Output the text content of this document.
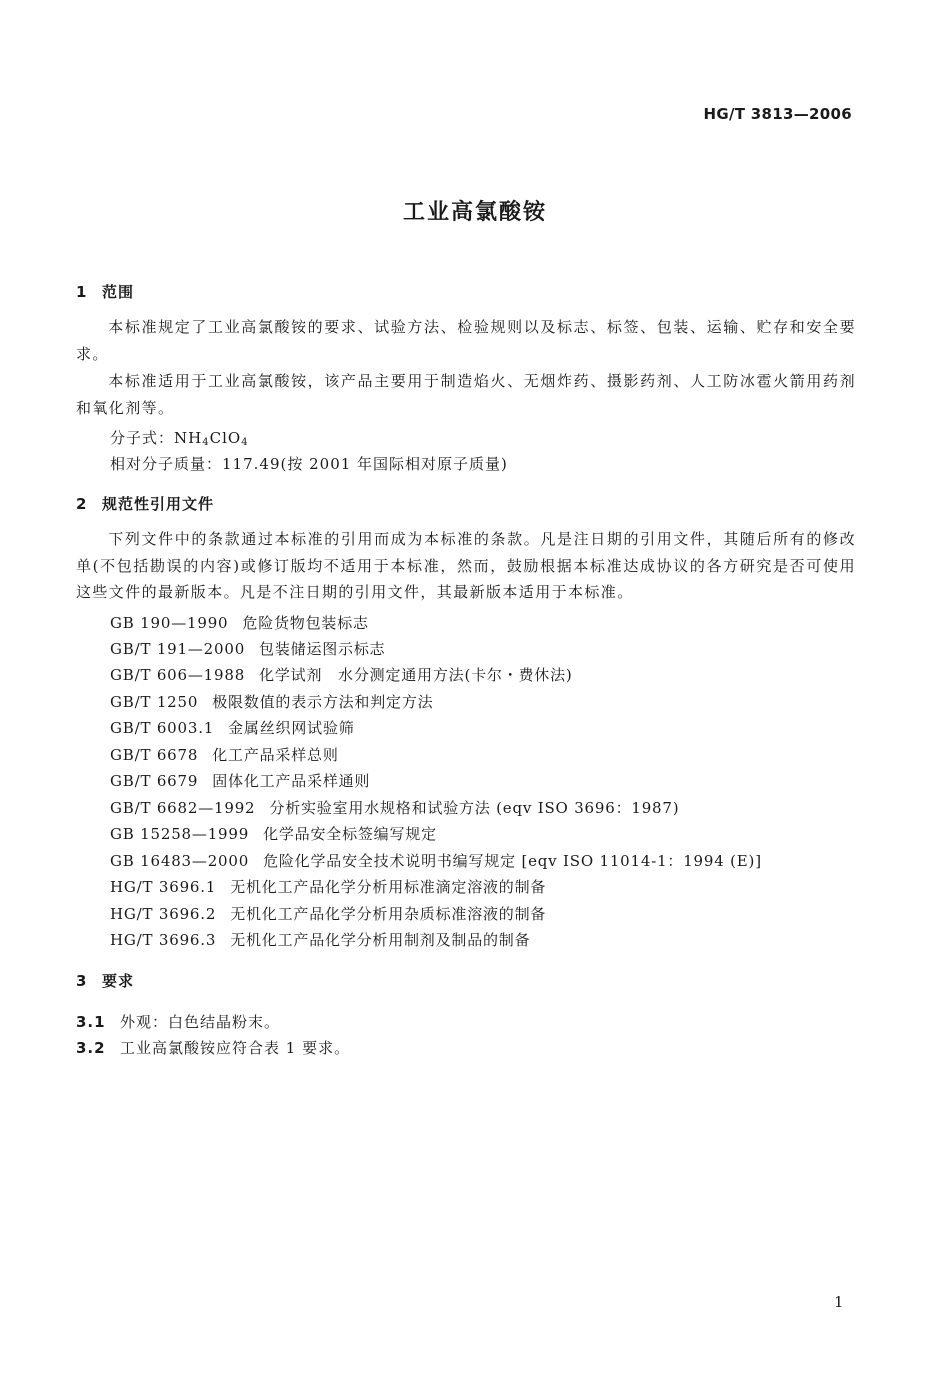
HG/T 3813—2006
工业高氯酸铵
1 范围
本标准规定了工业高氯酸铵的要求、试验方法、检验规则以及标志、标签、包装、运输、贮存和安全要求。
本标准适用于工业高氯酸铵，该产品主要用于制造焰火、无烟炸药、摄影药剂、人工防冰雹火箭用药剂和氧化剂等。
分子式：$NH_4ClO_4$
相对分子质量：117.49(按 2001 年国际相对原子质量)
2 规范性引用文件
下列文件中的条款通过本标准的引用而成为本标准的条款。凡是注日期的引用文件，其随后所有的修改单(不包括勘误的内容)或修订版均不适用于本标准，然而，鼓励根据本标准达成协议的各方研究是否可使用这些文件的最新版本。凡是不注日期的引用文件，其最新版本适用于本标准。
GB 190—1990 危险货物包装标志
GB/T 191—2000 包装储运图示标志
GB/T 606—1988 化学试剂　水分测定通用方法(卡尔・费休法)
GB/T 1250 极限数值的表示方法和判定方法
GB/T 6003.1 金属丝织网试验筛
GB/T 6678 化工产品采样总则
GB/T 6679 固体化工产品采样通则
GB/T 6682—1992 分析实验室用水规格和试验方法 (eqv ISO 3696：1987)
GB 15258—1999 化学品安全标签编写规定
GB 16483—2000 危险化学品安全技术说明书编写规定 [eqv ISO 11014-1：1994 (E)]
HG/T 3696.1 无机化工产品化学分析用标准滴定溶液的制备
HG/T 3696.2 无机化工产品化学分析用杂质标准溶液的制备
HG/T 3696.3 无机化工产品化学分析用制剂及制品的制备
3 要求
3.1 外观：白色结晶粉末。
3.2 工业高氯酸铵应符合表 1 要求。
1
